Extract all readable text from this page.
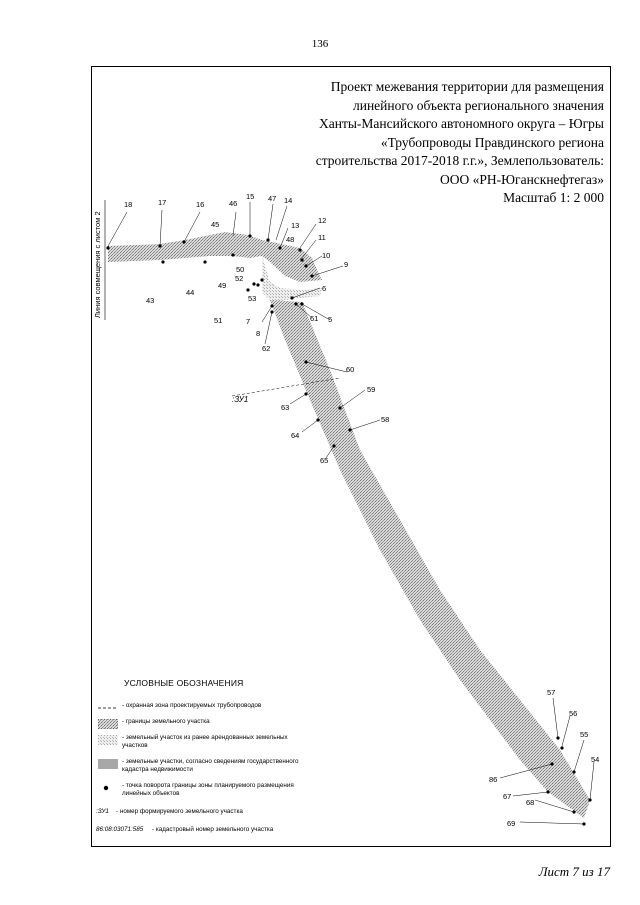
136
Проект межевания территории для размещения
линейного объекта регионального значения
Ханты-Мансийского автономного округа – Югры
«Трубопроводы Правдинского региона
строительства 2017-2018 г.г.», Землепользователь:
ООО «РН-Юганскнефтегаз»
Масштаб 1: 2 000
Линия совмещения с листом 2
18	17	16	46
15 47 14
45	12
13
11
48
10
9
50
49
52
53
51
6
7
8
62
61 5
43
44
60
59
58
63
64
65
57
56
55
54
86
67
68
69
:ЗУ1
УСЛОВНЫЕ ОБОЗНАЧЕНИЯ
- охранная зона проектируемых трубопроводов
- границы земельного участка
- земельный участок из ранее арендованных земельных участков
- земельные участки, согласно сведениям государственного кадастра недвижимости
- точка поворота границы зоны планируемого размещения линейных объектов
:ЗУ1 - номер формируемого земельного участка
86:08:03071:585 - кадастровый номер земельного участка
Лист 7 из 17
